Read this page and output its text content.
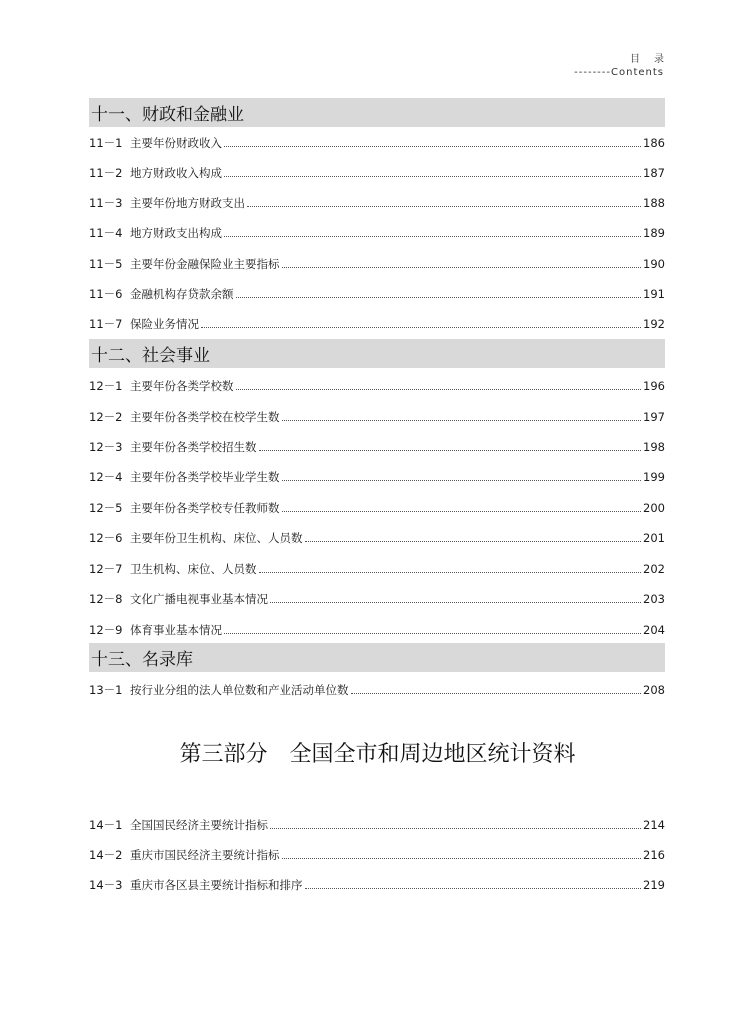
目录
--------Contents
十一、财政和金融业
11－1 主要年份财政收入	186
11－2 地方财政收入构成	187
11－3 主要年份地方财政支出	188
11－4 地方财政支出构成	189
11－5 主要年份金融保险业主要指标	190
11－6 金融机构存贷款余额	191
11－7 保险业务情况	192
十二、社会事业
12－1 主要年份各类学校数	196
12－2 主要年份各类学校在校学生数	197
12－3 主要年份各类学校招生数	198
12－4 主要年份各类学校毕业学生数	199
12－5 主要年份各类学校专任教师数	200
12－6 主要年份卫生机构、床位、人员数	201
12－7 卫生机构、床位、人员数	202
12－8 文化广播电视事业基本情况	203
12－9 体育事业基本情况	204
十三、名录库
13－1 按行业分组的法人单位数和产业活动单位数	208
第三部分 全国全市和周边地区统计资料
14－1 全国国民经济主要统计指标	214
14－2 重庆市国民经济主要统计指标	216
14－3 重庆市各区县主要统计指标和排序	219
